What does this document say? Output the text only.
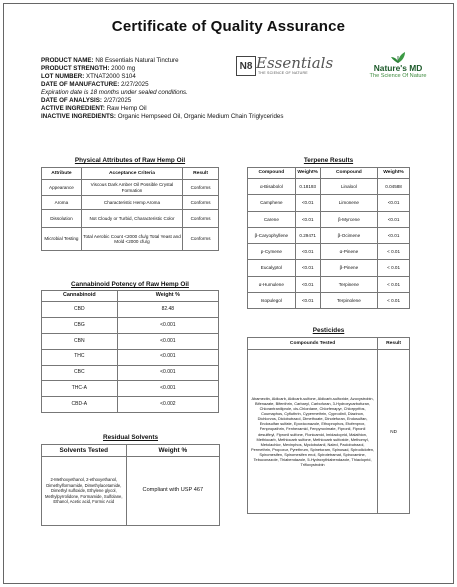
Certificate of Quality Assurance
PRODUCT NAME: N8 Essentials Natural Tincture
PRODUCT STRENGTH: 2000 mg
LOT NUMBER: XTNAT2000 S104
DATE OF MANUFACTURE: 2/27/2025
Expiration date is 18 months under sealed conditions.
DATE OF ANALYSIS: 2/27/2025
ACTIVE INGREDIENT: Raw Hemp Oil
INACTIVE INGREDIENTS: Organic Hempseed Oil, Organic Medium Chain Triglycerides
N8 Essentials
THE SCIENCE OF NATURE	Nature's MD
The Science Of Nature
Physical Attributes of Raw Hemp Oil
Attribute	Acceptance Criteria	Result
Appearance	Viscous Dark Amber Oil Possible Crystal Formation	Conforms
Aroma	Characteristic Hemp Aroma	Conforms
Dissolution	Not Cloudy or Turbid, Characteristic Color	Conforms
Microbial Testing	Total Aerobic Count <2000 cfu/g Total Yeast and Mold <2000 cfu/g	Conforms
Terpene Results
Compound	Weight%	Compound	Weight%
α-Bisabolol	0.18193	Linalool	0.04588
Camphene	<0.01	Limonene	<0.01
Carene	<0.01	β-Myrcene	<0.01
β-Caryophyllene	0.29471	β-Ocimene	<0.01
p-Cymene	<0.01	α-Pinene	< 0.01
Eucalyptol	<0.01	β-Pinene	< 0.01
α-Humulene	<0.01	Terpinene	< 0.01
Isopulegol	<0.01	Terpinolene	< 0.01
Cannabinoid Potency of Raw Hemp Oil
Cannabinoid	Weight %
CBD	82.48
CBG	<0.001
CBN	<0.001
THC	<0.001
CBC	<0.001
THC-A	<0.001
CBD-A	<0.002
Pesticides
Compounds Tested	Result
Abamectin, Aldicarb, Aldicarb-sulfone, Aldicarb-sulfoxide, Azoxystrobin, Bifenazate, Bifenthrin, Carbaryl, Carbofuran, 3-Hydroxycarbofuran, Chlorantraniliprole, cis-Chlordane, Chlorfenapyr, Chlorpyrifos, Coumaphos, Cyfluthrin, Cypermethrin, Cyprodinil, Diazinon, Dichlorvos, Diclobutrazol, Dimethoate, Dinotefuran, Endosulfan, Endosulfan sulfate, Epoxiconazole, Ethoprophos, Etofenprox, Fenpropathrin, Fenhexamid, Fenpyroximate, Fipronil, Fipronil desulfinyl, Fipronil sulfone, Flonicamid, Imidacloprid, Malathion, Methiocarb, Methiocarb sulfone, Methiocarb sulfoxide, Methomyl, Metolachlor, Mevinphos, Myclobutanil, Naled, Paclobutrazol, Permethrin, Propoxur, Pyrethrum, Spinetoram, Spinosad, Spirodiclofen, Spiromesifen, Spiromesifen enol, Spirotetramat, Spiroxamine, Tebuconazole, Thiabendazole, 5-Hydroxythiabendazole, Thiacloprid, Trifloxystrobin	ND
Residual Solvents
Solvents Tested	Weight %
2-Methoxyethanol, 2-ethoxyethanol, Dimethylformamide, Dimethylacetamide, Dimethyl sulfoxide, Ethylene glycol, Methylpyrrolidone, Formamide, Sulfolane, Ethanol, Acetic acid, Formic Acid	Compliant with USP 467
